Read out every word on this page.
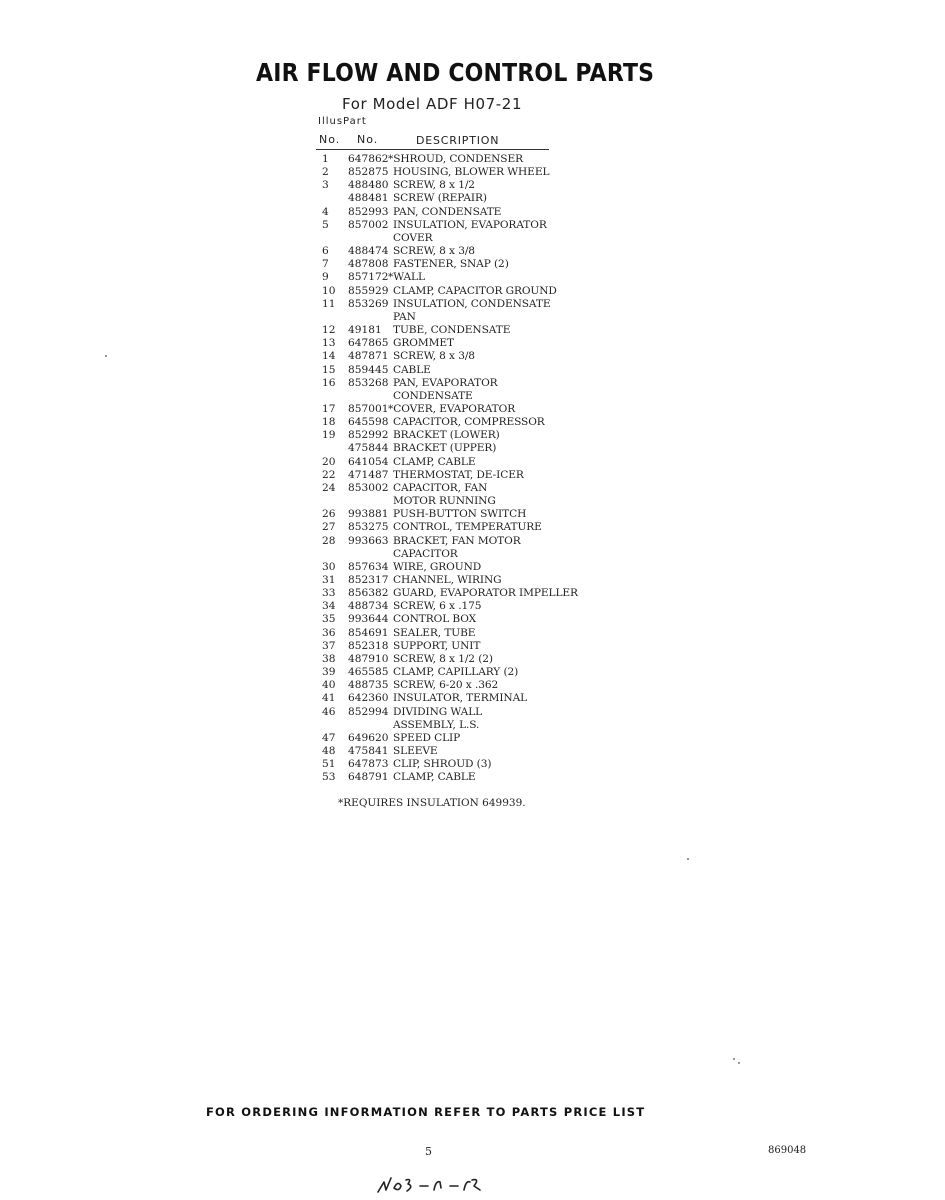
AIR FLOW AND CONTROL PARTS
For Model ADF H07-21
Illus.
Part
No. No.	DESCRIPTION
1	647862 *SHROUD, CONDENSER
2	852875 HOUSING, BLOWER WHEEL
3	488480 SCREW, 8 x 1/2
488481 SCREW (REPAIR)
4	852993 PAN, CONDENSATE
5	857002 INSULATION, EVAPORATOR
COVER
6	488474 SCREW, 8 x 3/8
7	487808 FASTENER, SNAP (2)
9	857172 *WALL
10	855929 CLAMP, CAPACITOR GROUND
11	853269 INSULATION, CONDENSATE
PAN
12	49181	TUBE, CONDENSATE
13	647865 GROMMET
14	487871 SCREW, 8 x 3/8
15	859445 CABLE
16	853268 PAN, EVAPORATOR
CONDENSATE
17	857001 *COVER, EVAPORATOR
18	645598 CAPACITOR, COMPRESSOR
19	852992 BRACKET (LOWER)
475844 BRACKET (UPPER)
20	641054 CLAMP, CABLE
22	471487 THERMOSTAT, DE-ICER
24	853002 CAPACITOR, FAN
MOTOR RUNNING
26	993881 PUSH-BUTTON SWITCH
27	853275 CONTROL, TEMPERATURE
28	993663 BRACKET, FAN MOTOR
CAPACITOR
30	857634 WIRE, GROUND
31	852317 CHANNEL, WIRING
33	856382 GUARD, EVAPORATOR IMPELLER
34	488734 SCREW, 6 x .175
35	993644 CONTROL BOX
36	854691 SEALER, TUBE
37	852318 SUPPORT, UNIT
38	487910 SCREW, 8 x 1/2 (2)
39	465585 CLAMP, CAPILLARY (2)
40	488735 SCREW, 6-20 x .362
41	642360 INSULATOR, TERMINAL
46	852994 DIVIDING WALL
ASSEMBLY, L.S.
47	649620 SPEED CLIP
48	475841 SLEEVE
51	647873 CLIP, SHROUD (3)
53	648791 CLAMP, CABLE
*REQUIRES INSULATION 649939.
FOR ORDERING INFORMATION REFER TO PARTS PRICE LIST
5	869048
